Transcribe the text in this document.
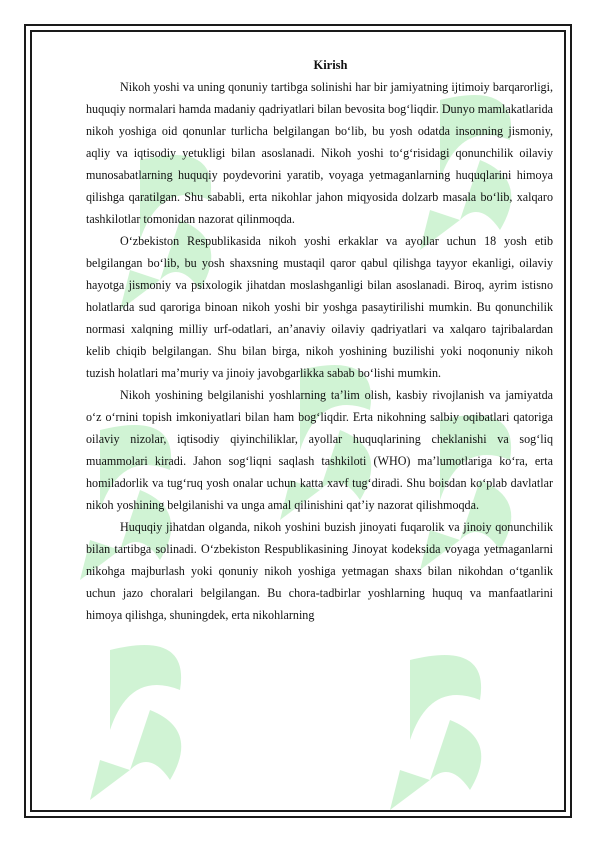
Kirish

Nikoh yoshi va uning qonuniy tartibga solinishi har bir jamiyatning ijtimoiy barqarorligi, huquqiy normalari hamda madaniy qadriyatlari bilan bevosita bog‘liqdir. Dunyo mamlakatlarida nikoh yoshiga oid qonunlar turlicha belgilangan bo‘lib, bu yosh odatda insonning jismoniy, aqliy va iqtisodiy yetukligi bilan asoslanadi. Nikoh yoshi to‘g‘risidagi qonunchilik oilaviy munosabatlarning huquqiy poydevorini yaratib, voyaga yetmaganlarning huquqlarini himoya qilishga qaratilgan. Shu sababli, erta nikohlar jahon miqyosida dolzarb masala bo‘lib, xalqaro tashkilotlar tomonidan nazorat qilinmoqda.

O‘zbekiston Respublikasida nikoh yoshi erkaklar va ayollar uchun 18 yosh etib belgilangan bo‘lib, bu yosh shaxsning mustaqil qaror qabul qilishga tayyor ekanligi, oilaviy hayotga jismoniy va psixologik jihatdan moslashganligi bilan asoslanadi. Biroq, ayrim istisno holatlarda sud qaroriga binoan nikoh yoshi bir yoshga pasaytirilishi mumkin. Bu qonunchilik normasi xalqning milliy urf-odatlari, an’anaviy oilaviy qadriyatlari va xalqaro tajribalardan kelib chiqib belgilangan. Shu bilan birga, nikoh yoshining buzilishi yoki noqonuniy nikoh tuzish holatlari ma’muriy va jinoiy javobgarlikka sabab bo‘lishi mumkin.

Nikoh yoshining belgilanishi yoshlarning ta’lim olish, kasbiy rivojlanish va jamiyatda o‘z o‘rnini topish imkoniyatlari bilan ham bog‘liqdir. Erta nikohning salbiy oqibatlari qatoriga oilaviy nizolar, iqtisodiy qiyinchiliklar, ayollar huquqlarining cheklanishi va sog‘liq muammolari kiradi. Jahon sog‘liqni saqlash tashkiloti (WHO) ma’lumotlariga ko‘ra, erta homiladorlik va tug‘ruq yosh onalar uchun katta xavf tug‘diradi. Shu boisdan ko‘plab davlatlar nikoh yoshining belgilanishi va unga amal qilinishini qat’iy nazorat qilishmoqda.

Huquqiy jihatdan olganda, nikoh yoshini buzish jinoyati fuqarolik va jinoiy qonunchilik bilan tartibga solinadi. O‘zbekiston Respublikasining Jinoyat kodeksida voyaga yetmaganlarni nikohga majburlash yoki qonuniy nikoh yoshiga yetmagan shaxs bilan nikohdan o‘tganlik uchun jazo choralari belgilangan. Bu chora-tadbirlar yoshlarning huquq va manfaatlarini himoya qilishga, shuningdek, erta nikohlarning
